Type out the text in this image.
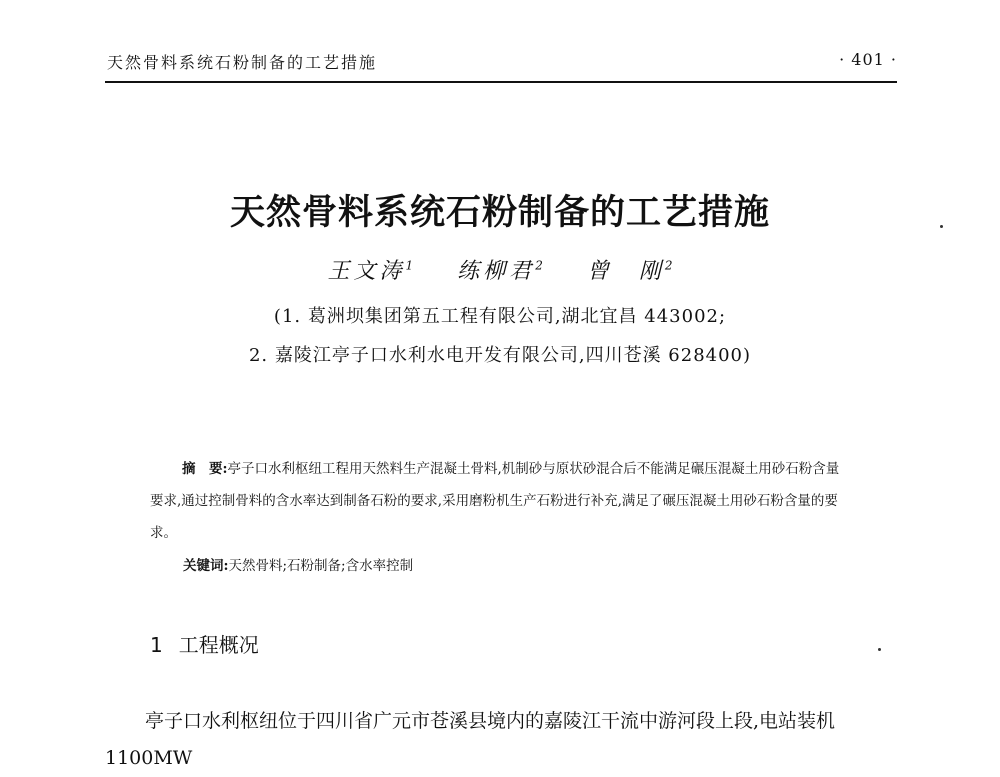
天然骨料系统石粉制备的工艺措施	· 401 ·
天然骨料系统石粉制备的工艺措施
王文涛$^1$ 练柳君$^2$ 曾　刚$^2$
(1. 葛洲坝集团第五工程有限公司,湖北宜昌 443002;
2. 嘉陵江亭子口水利水电开发有限公司,四川苍溪 628400)
摘　要:亭子口水利枢纽工程用天然料生产混凝土骨料,机制砂与原状砂混合后不能满足碾压混凝土用砂石粉含量要求,通过控制骨料的含水率达到制备石粉的要求,采用磨粉机生产石粉进行补充,满足了碾压混凝土用砂石粉含量的要求。
关键词:天然骨料;石粉制备;含水率控制
1 工程概况
亭子口水利枢纽位于四川省广元市苍溪县境内的嘉陵江干流中游河段上段,电站装机 1100MW
